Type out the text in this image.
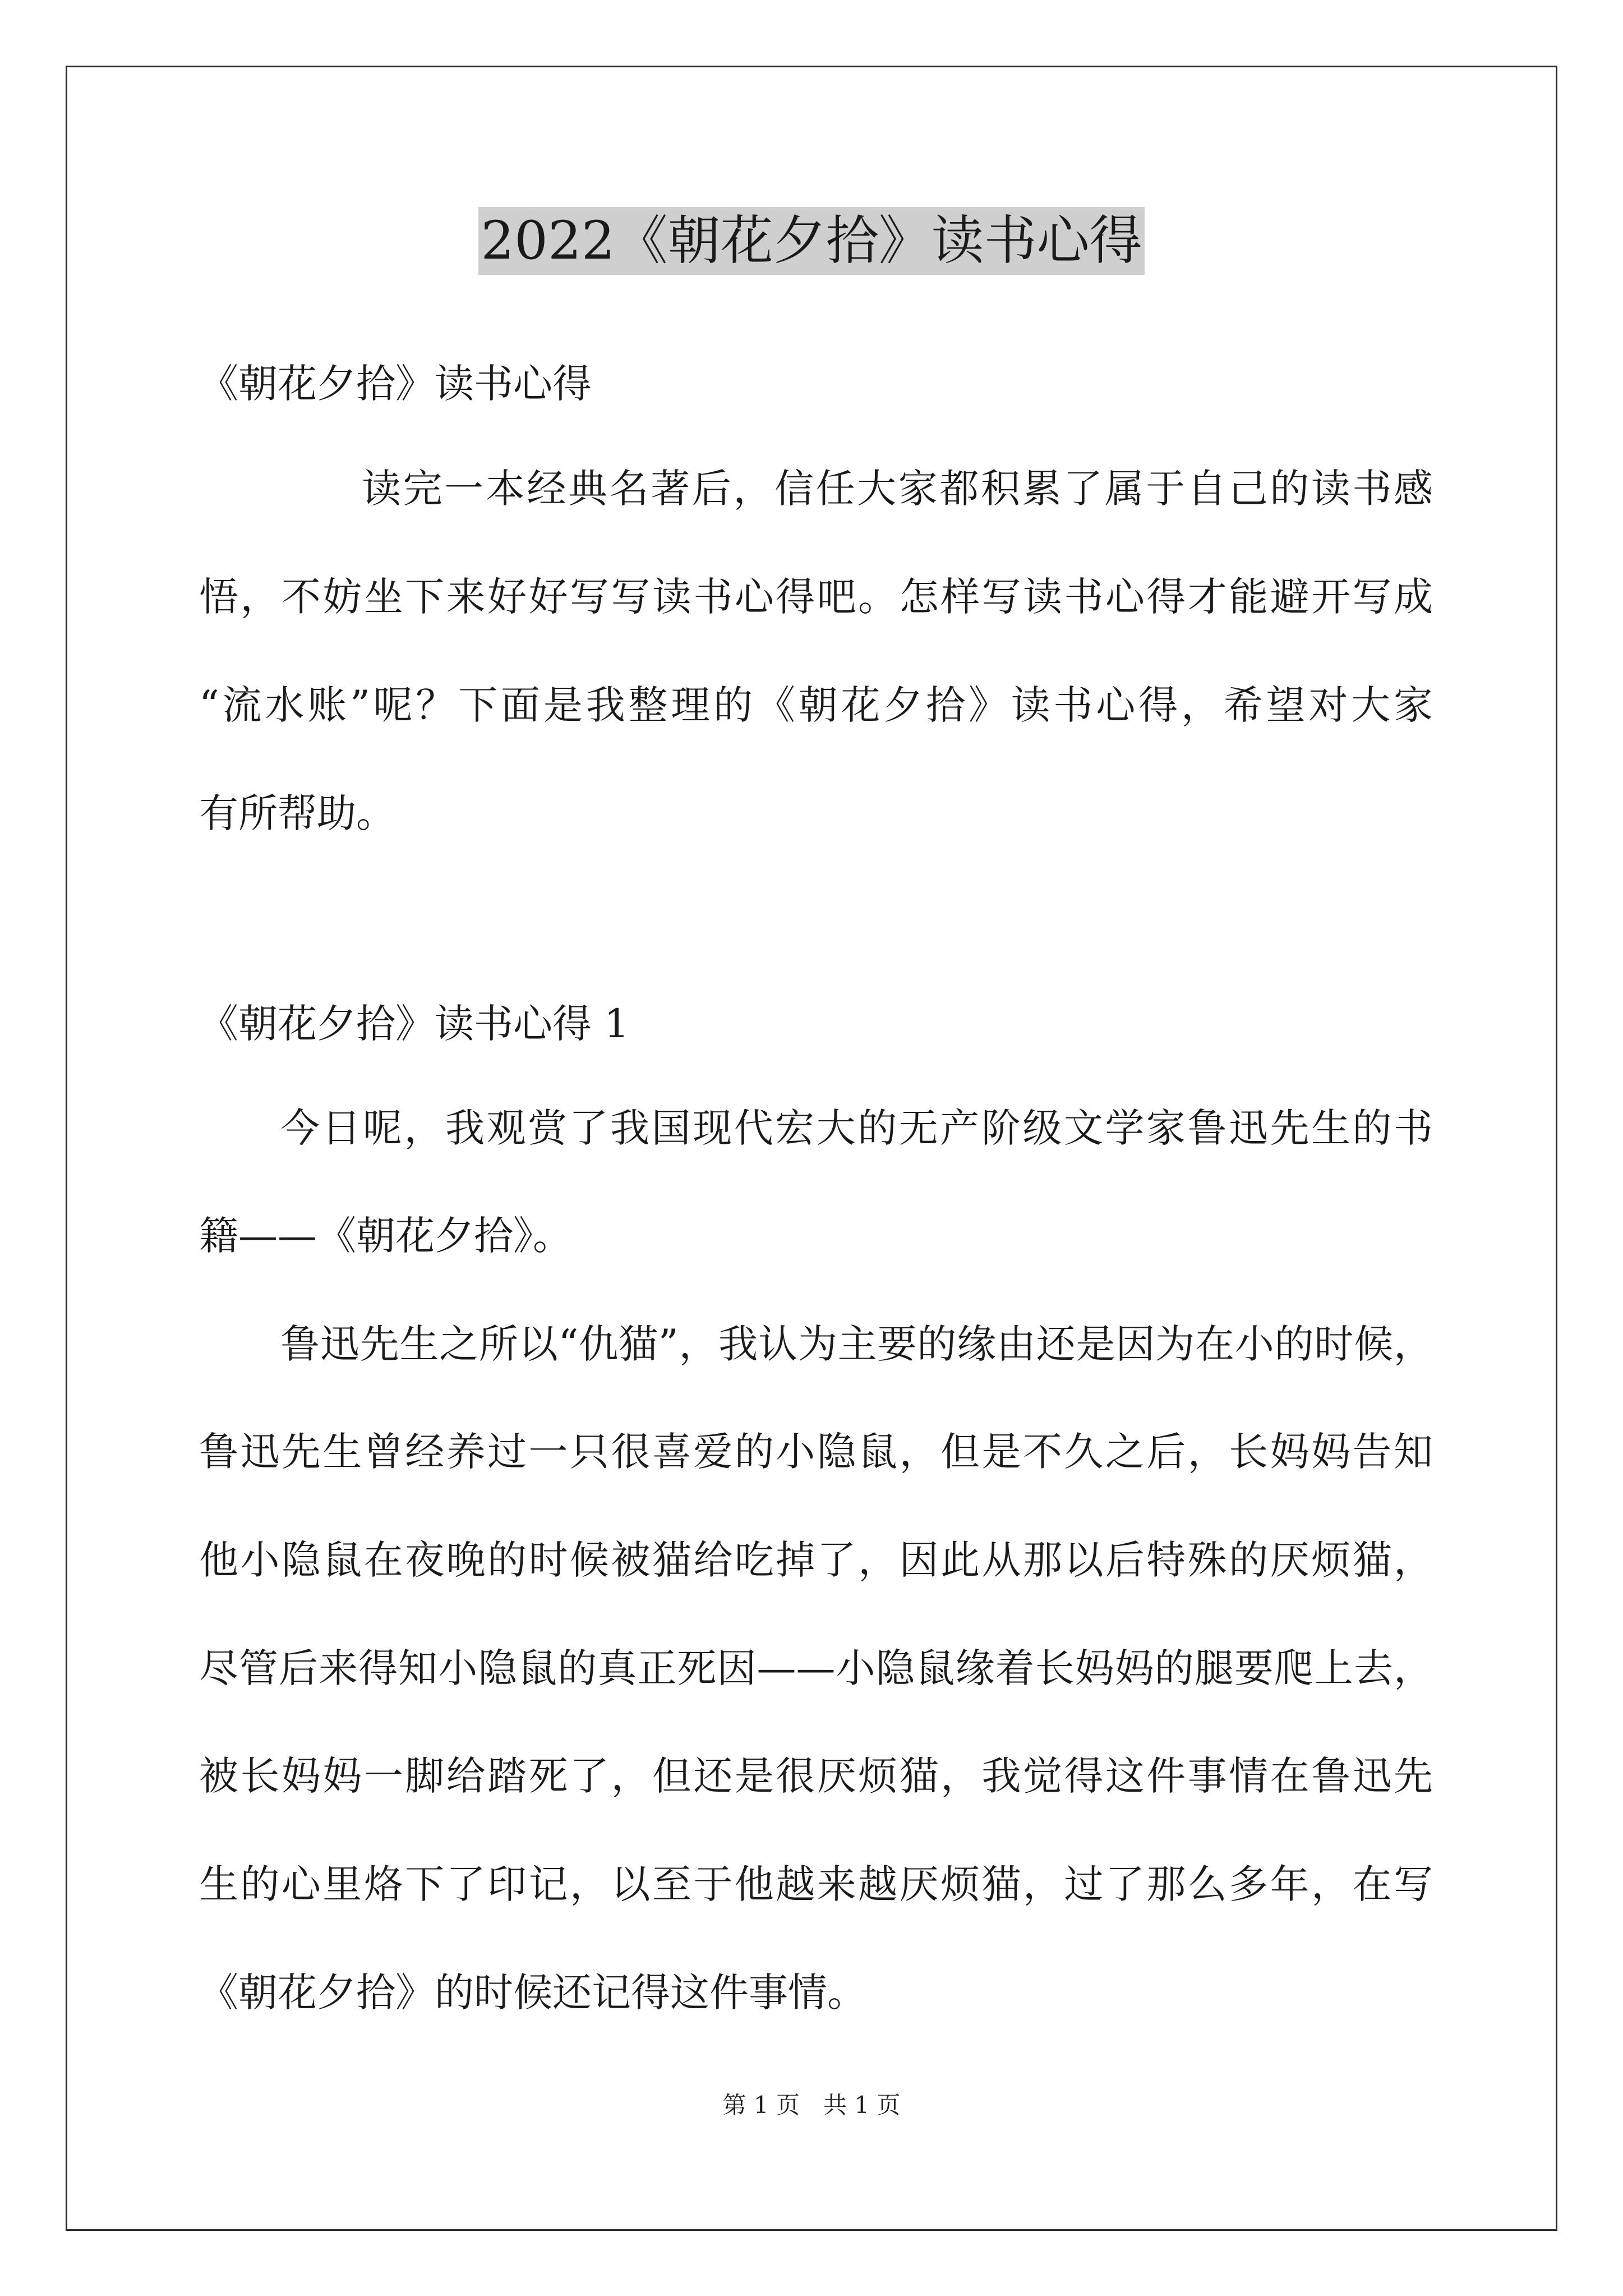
2022《朝花夕拾》读书心得
《朝花夕拾》读书心得
读完一本经典名著后，信任大家都积累了属于自己的读书感
悟，不妨坐下来好好写写读书心得吧。怎样写读书心得才能避开写成
“流水账”呢？下面是我整理的《朝花夕拾》读书心得，希望对大家
有所帮助。
《朝花夕拾》读书心得 1
今日呢，我观赏了我国现代宏大的无产阶级文学家鲁迅先生的书
籍——《朝花夕拾》。
鲁迅先生之所以“仇猫”，我认为主要的缘由还是因为在小的时候，
鲁迅先生曾经养过一只很喜爱的小隐鼠，但是不久之后，长妈妈告知
他小隐鼠在夜晚的时候被猫给吃掉了，因此从那以后特殊的厌烦猫，
尽管后来得知小隐鼠的真正死因——小隐鼠缘着长妈妈的腿要爬上去，
被长妈妈一脚给踏死了，但还是很厌烦猫，我觉得这件事情在鲁迅先
生的心里烙下了印记，以至于他越来越厌烦猫，过了那么多年，在写
《朝花夕拾》的时候还记得这件事情。
第 1 页　共 1 页
